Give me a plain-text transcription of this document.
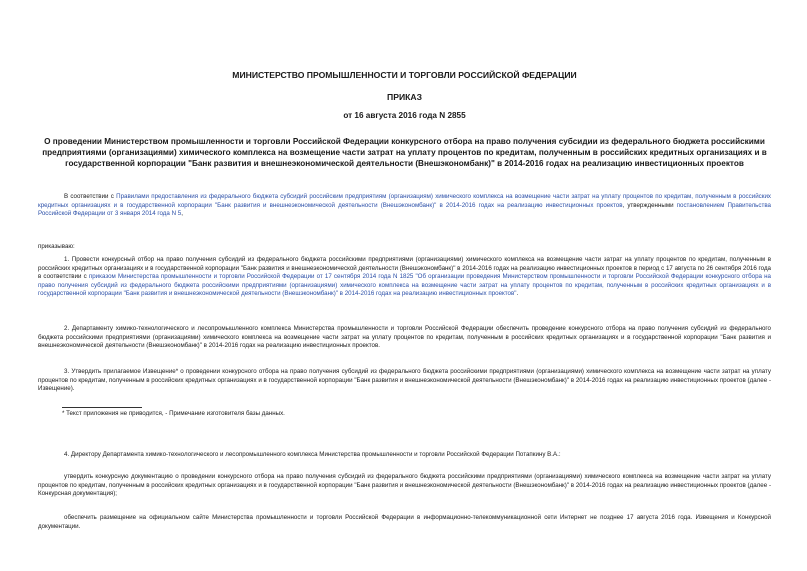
МИНИСТЕРСТВО ПРОМЫШЛЕННОСТИ И ТОРГОВЛИ РОССИЙСКОЙ ФЕДЕРАЦИИ
ПРИКАЗ
от 16 августа 2016 года N 2855
О проведении Министерством промышленности и торговли Российской Федерации конкурсного отбора на право получения субсидии из федерального бюджета российскими предприятиями (организациями) химического комплекса на возмещение части затрат на уплату процентов по кредитам, полученным в российских кредитных организациях и в государственной корпорации "Банк развития и внешнеэкономической деятельности (Внешэкономбанк)" в 2014-2016 годах на реализацию инвестиционных проектов
В соответствии с Правилами предоставления из федерального бюджета субсидий российским предприятиям (организациям) химического комплекса на возмещение части затрат на уплату процентов по кредитам, полученным в российских кредитных организациях и в государственной корпорации "Банк развития и внешнеэкономической деятельности (Внешэкономбанк)" в 2014-2016 годах на реализацию инвестиционных проектов, утвержденными постановлением Правительства Российской Федерации от 3 января 2014 года N 5,
приказываю:
1. Провести конкурсный отбор на право получения субсидий из федерального бюджета российскими предприятиями (организациями) химического комплекса на возмещение части затрат на уплату процентов по кредитам, полученным в российских кредитных организациях и в государственной корпорации "Банк развития и внешнеэкономической деятельности (Внешэкономбанк)" в 2014-2016 годах на реализацию инвестиционных проектов в период с 17 августа по 26 сентября 2016 года в соответствии с приказом Министерства промышленности и торговли Российской Федерации от 17 сентября 2014 года N 1825 "Об организации проведения Министерством промышленности и торговли Российской Федерации конкурсного отбора на право получения субсидий из федерального бюджета российскими предприятиями (организациями) химического комплекса на возмещение части затрат на уплату процентов по кредитам, полученным в российских кредитных организациях и в государственной корпорации "Банк развития и внешнеэкономической деятельности (Внешэкономбанк)" в 2014-2016 годах на реализацию инвестиционных проектов".
2. Департаменту химико-технологического и лесопромышленного комплекса Министерства промышленности и торговли Российской Федерации обеспечить проведение конкурсного отбора на право получения субсидий из федерального бюджета российскими предприятиями (организациями) химического комплекса на возмещение части затрат на уплату процентов по кредитам, полученным в российских кредитных организациях и в государственной корпорации "Банк развития и внешнеэкономической деятельности (Внешэкономбанк)" в 2014-2016 годах на реализацию инвестиционных проектов.
3. Утвердить прилагаемое Извещение* о проведении конкурсного отбора на право получения субсидий из федерального бюджета российскими предприятиями (организациями) химического комплекса на возмещение части затрат на уплату процентов по кредитам, полученным в российских кредитных организациях и в государственной корпорации "Банк развития и внешнеэкономической деятельности (Внешэкономбанк)" в 2014-2016 годах на реализацию инвестиционных проектов (далее - Извещение).
* Текст приложения не приводится, - Примечание изготовителя базы данных.
4. Директору Департамента химико-технологического и лесопромышленного комплекса Министерства промышленности и торговли Российской Федерации Потапкину В.А.:
утвердить конкурсную документацию о проведении конкурсного отбора на право получения субсидий из федерального бюджета российскими предприятиями (организациями) химического комплекса на возмещение части затрат на уплату процентов по кредитам, полученным в российских кредитных организациях и в государственной корпорации "Банк развития и внешнеэкономической деятельности (Внешэкономбанк)" в 2014-2016 годах на реализацию инвестиционных проектов (далее - Конкурсная документация);
обеспечить размещение на официальном сайте Министерства промышленности и торговли Российской Федерации в информационно-телекоммуникационной сети Интернет не позднее 17 августа 2016 года. Извещения и Конкурсной документации.
